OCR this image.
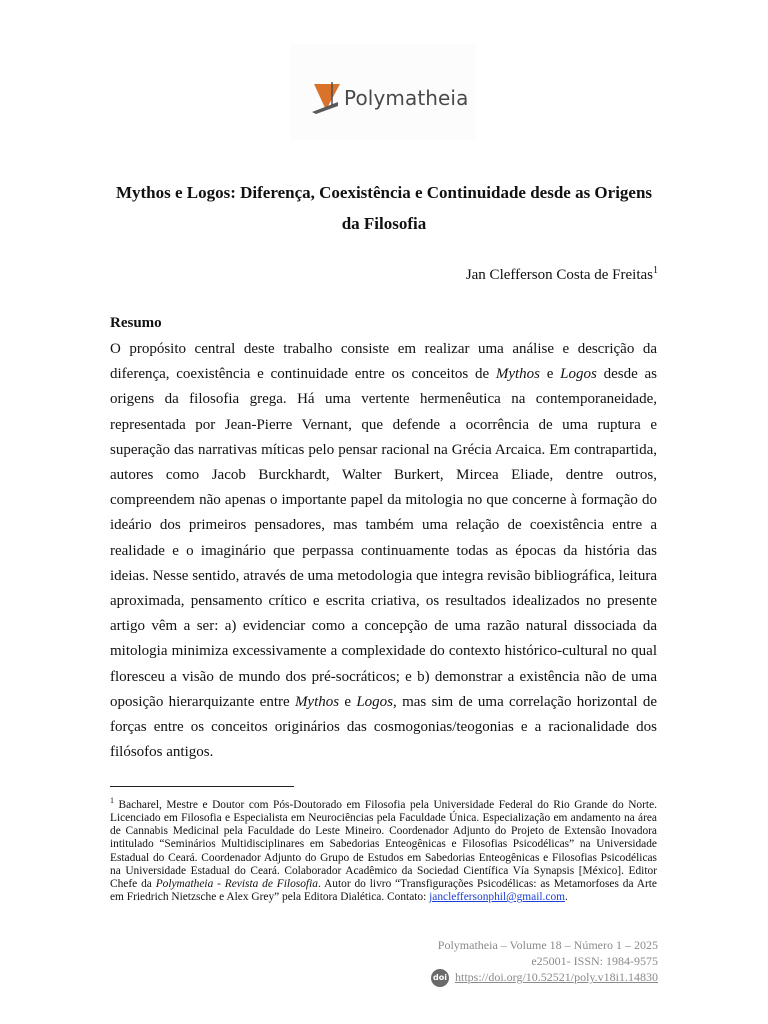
Polymatheia
Mythos e Logos: Diferença, Coexistência e Continuidade desde as Origens da Filosofia
Jan Clefferson Costa de Freitas$^1$
Resumo

O propósito central deste trabalho consiste em realizar uma análise e descrição da diferença, coexistência e continuidade entre os conceitos de Mythos e Logos desde as origens da filosofia grega. Há uma vertente hermenêutica na contemporaneidade, representada por Jean-Pierre Vernant, que defende a ocorrência de uma ruptura e superação das narrativas míticas pelo pensar racional na Grécia Arcaica. Em contrapartida, autores como Jacob Burckhardt, Walter Burkert, Mircea Eliade, dentre outros, compreendem não apenas o importante papel da mitologia no que concerne à formação do ideário dos primeiros pensadores, mas também uma relação de coexistência entre a realidade e o imaginário que perpassa continuamente todas as épocas da história das ideias. Nesse sentido, através de uma metodologia que integra revisão bibliográfica, leitura aproximada, pensamento crítico e escrita criativa, os resultados idealizados no presente artigo vêm a ser: a) evidenciar como a concepção de uma razão natural dissociada da mitologia minimiza excessivamente a complexidade do contexto histórico-cultural no qual floresceu a visão de mundo dos pré-socráticos; e b) demonstrar a existência não de uma oposição hierarquizante entre Mythos e Logos, mas sim de uma correlação horizontal de forças entre os conceitos originários das cosmogonias/teogonias e a racionalidade dos filósofos antigos.

$^1$ Bacharel, Mestre e Doutor com Pós-Doutorado em Filosofia pela Universidade Federal do Rio Grande do Norte. Licenciado em Filosofia e Especialista em Neurociências pela Faculdade Única. Especialização em andamento na área de Cannabis Medicinal pela Faculdade do Leste Mineiro. Coordenador Adjunto do Projeto de Extensão Inovadora intitulado “Seminários Multidisciplinares em Sabedorias Enteogênicas e Filosofias Psicodélicas” na Universidade Estadual do Ceará. Coordenador Adjunto do Grupo de Estudos em Sabedorias Enteogênicas e Filosofias Psicodélicas na Universidade Estadual do Ceará. Colaborador Acadêmico da Sociedad Científica Vía Synapsis [México]. Editor Chefe da Polymatheia - Revista de Filosofia. Autor do livro “Transfigurações Psicodélicas: as Metamorfoses da Arte em Friedrich Nietzsche e Alex Grey” pela Editora Dialética. Contato: jancleffersonphil@gmail.com.

Polymatheia – Volume 18 – Número 1 – 2025
e25001- ISSN: 1984-9575
doi https://doi.org/10.52521/poly.v18i1.14830
